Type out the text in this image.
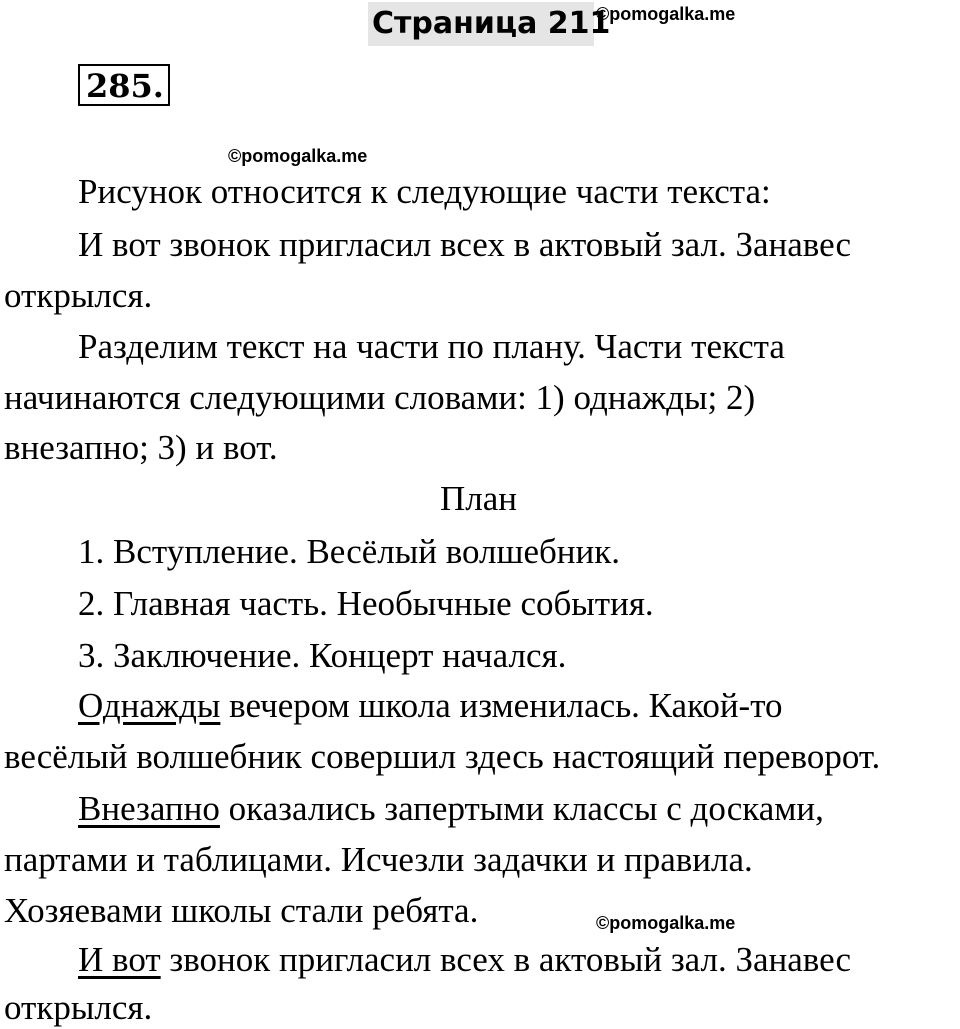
Страница 211
©pomogalka.me
285.
©pomogalka.me
Рисунок относится к следующие части текста:
И вот звонок пригласил всех в актовый зал. Занавес
открылся.
Разделим текст на части по плану. Части текста
начинаются следующими словами: 1) однажды; 2)
внезапно; 3) и вот.
План
1. Вступление. Весёлый волшебник.
2. Главная часть. Необычные события.
3. Заключение. Концерт начался.
Однажды вечером школа изменилась. Какой-то
весёлый волшебник совершил здесь настоящий переворот.
Внезапно оказались запертыми классы с досками,
партами и таблицами. Исчезли задачки и правила.
Хозяевами школы стали ребята.	©pomogalka.me
И вот звонок пригласил всех в актовый зал. Занавес
открылся.
